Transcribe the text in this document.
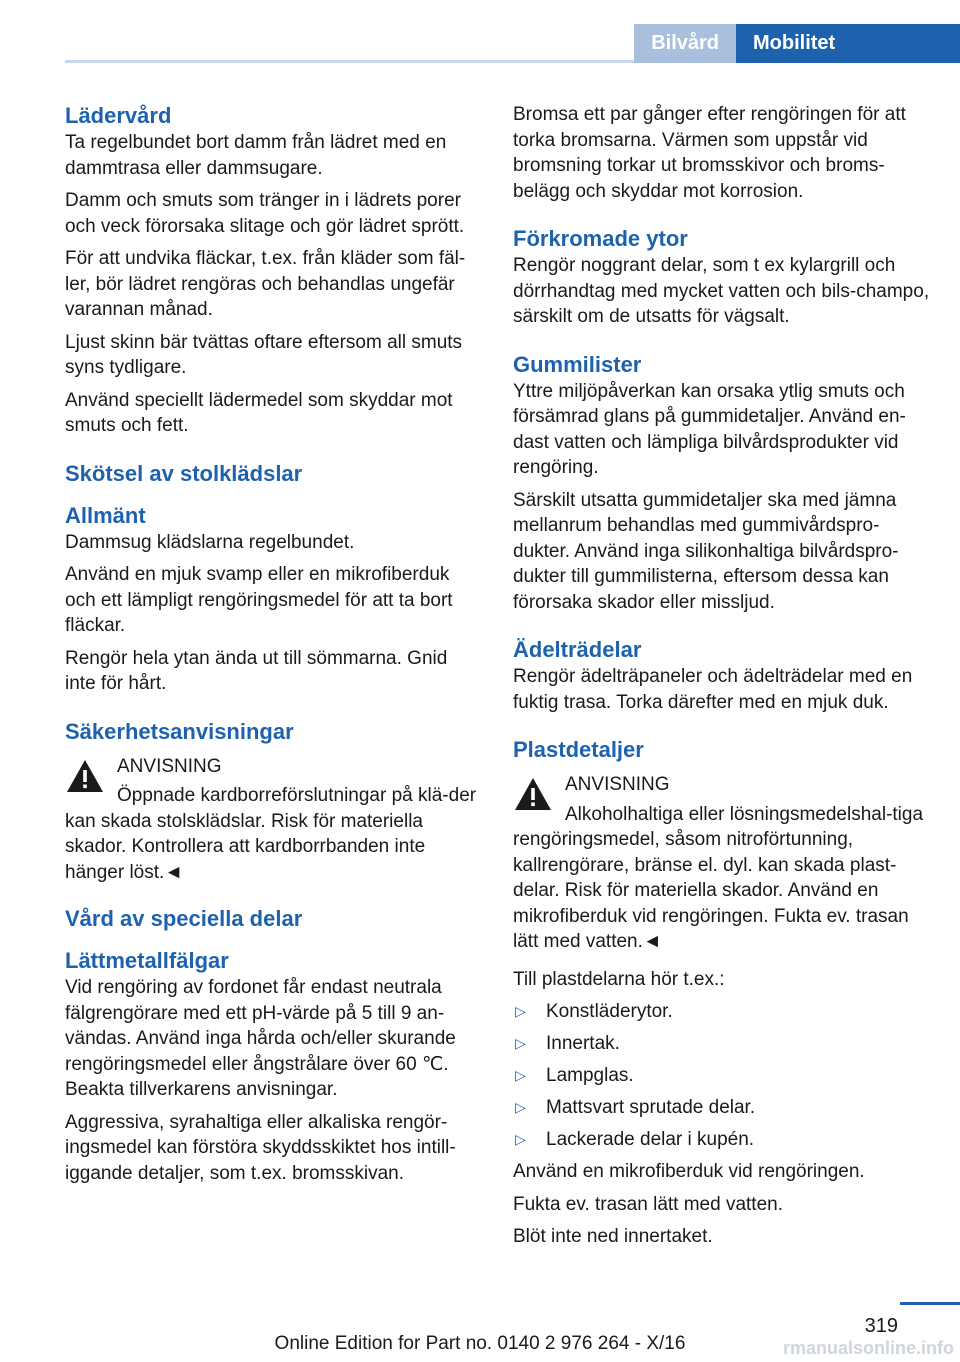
Bilvård	Mobilitet
Lädervård

Ta regelbundet bort damm från lädret med en dammtrasa eller dammsugare.

Damm och smuts som tränger in i lädrets porer och veck förorsaka slitage och gör lädret sprött.

För att undvika fläckar, t.ex. från kläder som fäl-ler, bör lädret rengöras och behandlas ungefär varannan månad.

Ljust skinn bär tvättas oftare eftersom all smuts syns tydligare.

Använd speciellt lädermedel som skyddar mot smuts och fett.

Skötsel av stolklädslar
Allmänt

Dammsug klädslarna regelbundet.

Använd en mjuk svamp eller en mikrofiberduk och ett lämpligt rengöringsmedel för att ta bort fläckar.

Rengör hela ytan ända ut till sömmarna. Gnid inte för hårt.

Säkerhetsanvisningar

ANVISNING

Öppnade kardborreförslutningar på klä-der kan skada stolsklädslar. Risk för materiella skador. Kontrollera att kardborrbanden inte hänger löst.◄

Vård av speciella delar
Lättmetallfälgar

Vid rengöring av fordonet får endast neutrala fälgrengörare med ett pH-värde på 5 till 9 an-vändas. Använd inga hårda och/eller skurande rengöringsmedel eller ångstrålare över 60 ℃. Beakta tillverkarens anvisningar.

Aggressiva, syrahaltiga eller alkaliska rengör-ingsmedel kan förstöra skyddsskiktet hos intill-iggande detaljer, som t.ex. bromsskivan.

Bromsa ett par gånger efter rengöringen för att torka bromsarna. Värmen som uppstår vid bromsning torkar ut bromsskivor och broms-belägg och skyddar mot korrosion.

Förkromade ytor

Rengör noggrant delar, som t ex kylargrill och dörrhandtag med mycket vatten och bils-champo, särskilt om de utsatts för vägsalt.

Gummilister

Yttre miljöpåverkan kan orsaka ytlig smuts och försämrad glans på gummidetaljer. Använd en-dast vatten och lämpliga bilvårdsprodukter vid rengöring.

Särskilt utsatta gummidetaljer ska med jämna mellanrum behandlas med gummivårdspro-dukter. Använd inga silikonhaltiga bilvårdspro-dukter till gummilisterna, eftersom dessa kan förorsaka skador eller missljud.

Ädelträdelar

Rengör ädelträpaneler och ädelträdelar med en fuktig trasa. Torka därefter med en mjuk duk.

Plastdetaljer

ANVISNING

Alkoholhaltiga eller lösningsmedelshal-tiga rengöringsmedel, såsom nitroförtunning, kallrengörare, bränse el. dyl. kan skada plast-delar. Risk för materiella skador. Använd en mikrofiberduk vid rengöringen. Fukta ev. trasan lätt med vatten.◄

Till plastdelarna hör t.ex.:

▷ Konstläderytor.
▷ Innertak.
▷ Lampglas.
▷ Mattsvart sprutade delar.
▷ Lackerade delar i kupén.

Använd en mikrofiberduk vid rengöringen.

Fukta ev. trasan lätt med vatten.

Blöt inte ned innertaket.

319
Online Edition for Part no. 0140 2 976 264 - X/16	rmanualsonline.info
